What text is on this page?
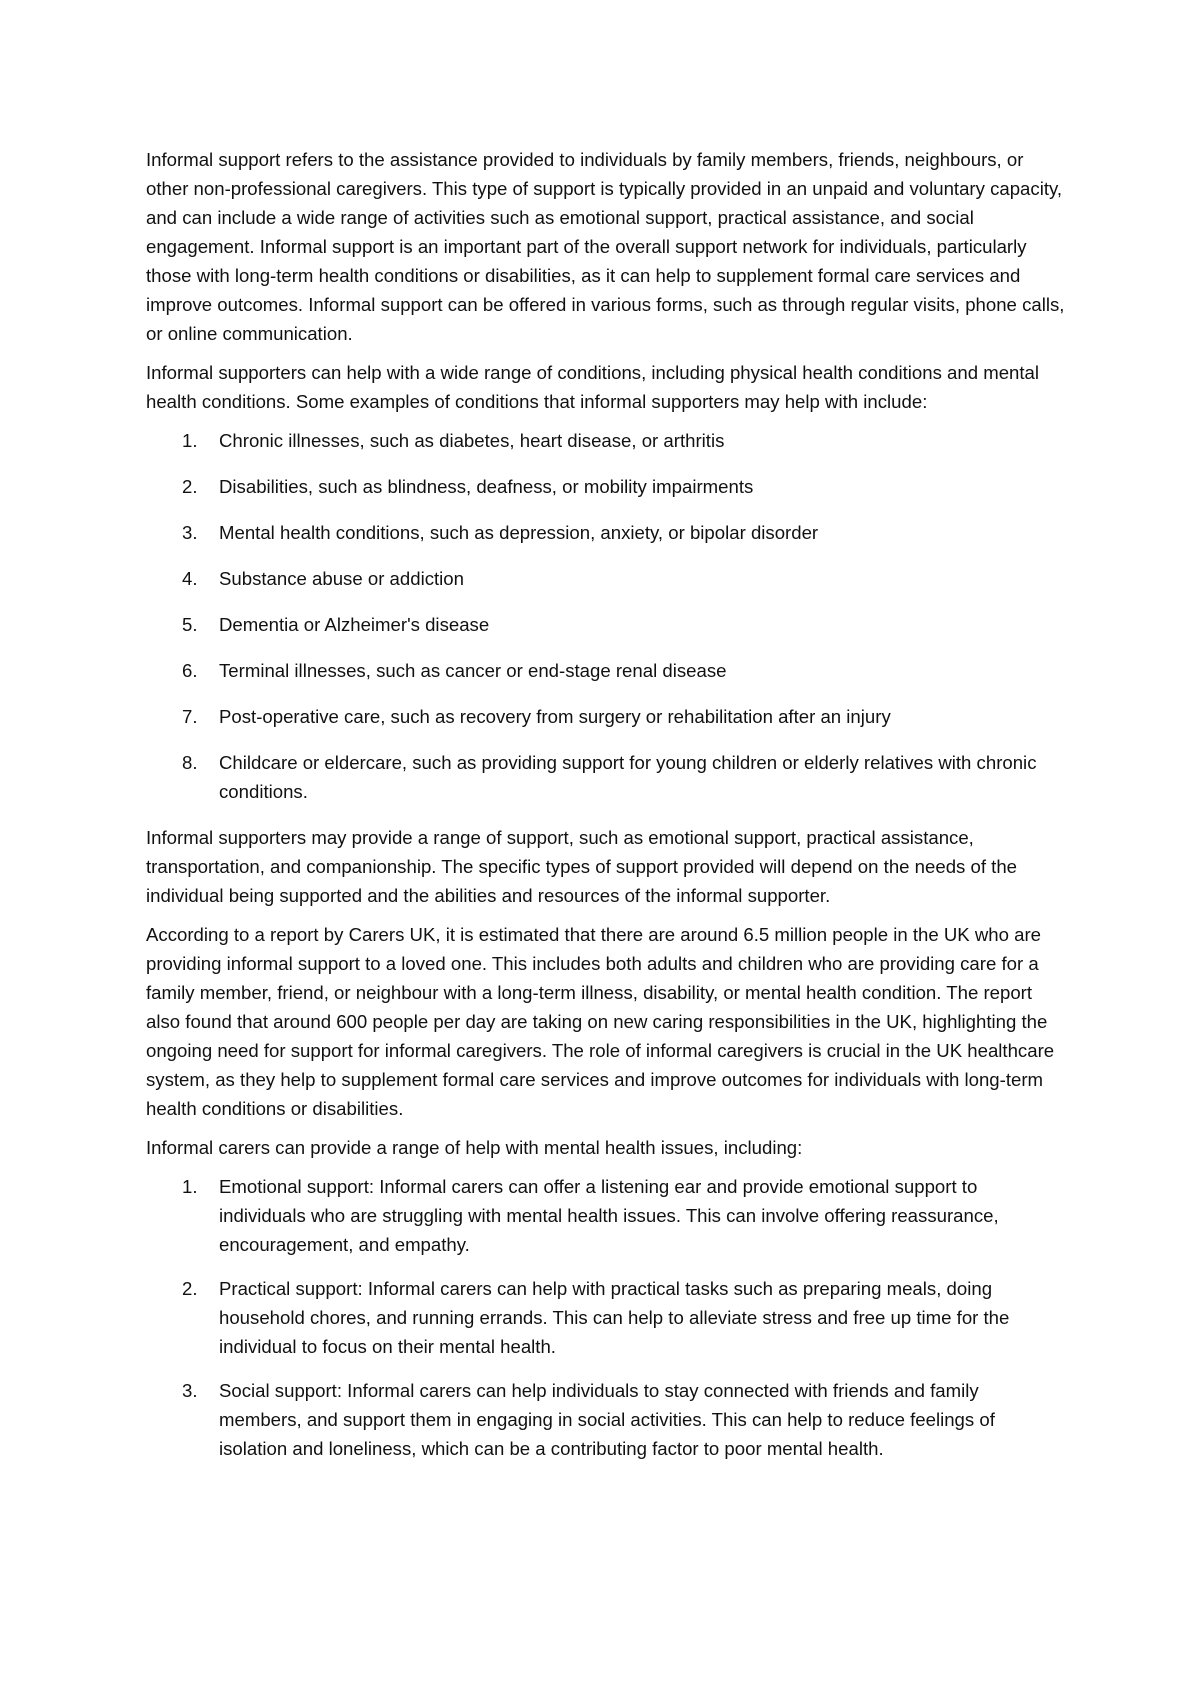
Informal support refers to the assistance provided to individuals by family members, friends, neighbours, or other non-professional caregivers. This type of support is typically provided in an unpaid and voluntary capacity, and can include a wide range of activities such as emotional support, practical assistance, and social engagement. Informal support is an important part of the overall support network for individuals, particularly those with long-term health conditions or disabilities, as it can help to supplement formal care services and improve outcomes. Informal support can be offered in various forms, such as through regular visits, phone calls, or online communication.

Informal supporters can help with a wide range of conditions, including physical health conditions and mental health conditions. Some examples of conditions that informal supporters may help with include:

1. Chronic illnesses, such as diabetes, heart disease, or arthritis
2. Disabilities, such as blindness, deafness, or mobility impairments
3. Mental health conditions, such as depression, anxiety, or bipolar disorder
4. Substance abuse or addiction
5. Dementia or Alzheimer's disease
6. Terminal illnesses, such as cancer or end-stage renal disease
7. Post-operative care, such as recovery from surgery or rehabilitation after an injury
8. Childcare or eldercare, such as providing support for young children or elderly relatives with chronic conditions.

Informal supporters may provide a range of support, such as emotional support, practical assistance, transportation, and companionship. The specific types of support provided will depend on the needs of the individual being supported and the abilities and resources of the informal supporter.

According to a report by Carers UK, it is estimated that there are around 6.5 million people in the UK who are providing informal support to a loved one. This includes both adults and children who are providing care for a family member, friend, or neighbour with a long-term illness, disability, or mental health condition. The report also found that around 600 people per day are taking on new caring responsibilities in the UK, highlighting the ongoing need for support for informal caregivers. The role of informal caregivers is crucial in the UK healthcare system, as they help to supplement formal care services and improve outcomes for individuals with long-term health conditions or disabilities.

Informal carers can provide a range of help with mental health issues, including:

1. Emotional support: Informal carers can offer a listening ear and provide emotional support to individuals who are struggling with mental health issues. This can involve offering reassurance, encouragement, and empathy.
2. Practical support: Informal carers can help with practical tasks such as preparing meals, doing household chores, and running errands. This can help to alleviate stress and free up time for the individual to focus on their mental health.
3. Social support: Informal carers can help individuals to stay connected with friends and family members, and support them in engaging in social activities. This can help to reduce feelings of isolation and loneliness, which can be a contributing factor to poor mental health.
